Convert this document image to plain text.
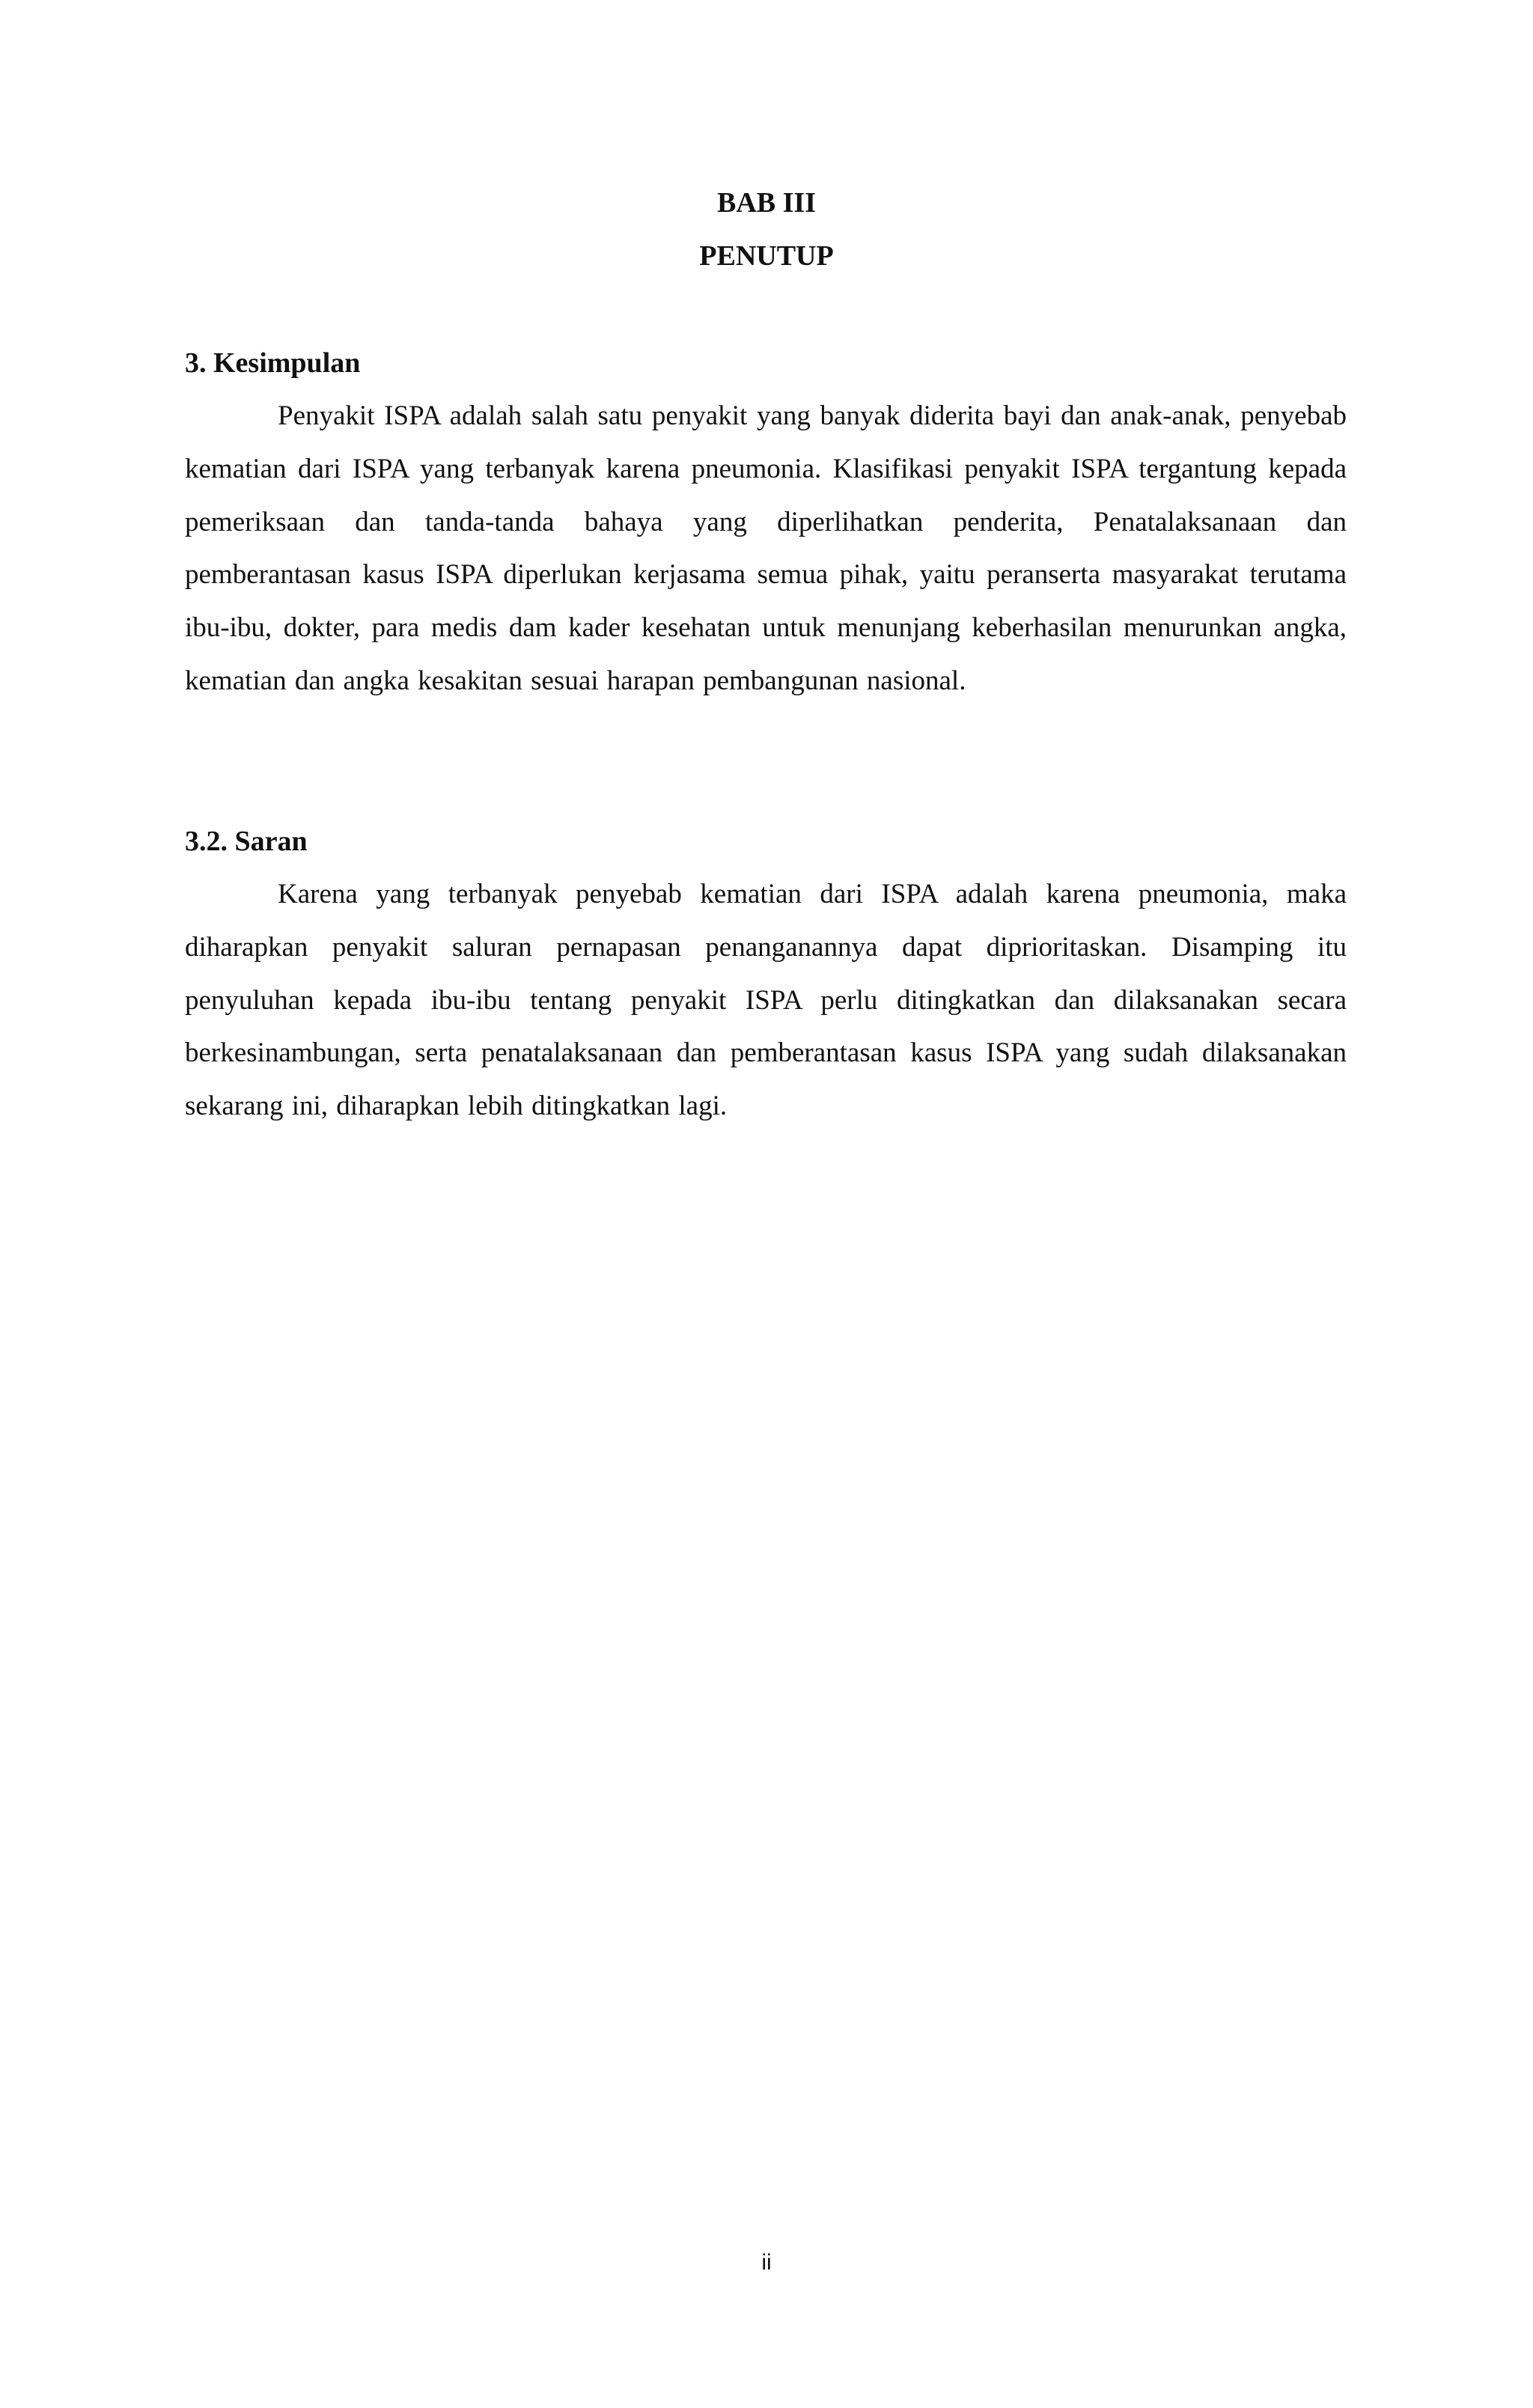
BAB III
PENUTUP
3. Kesimpulan

Penyakit ISPA adalah salah satu penyakit yang banyak diderita bayi dan anak-anak, penyebab kematian dari ISPA yang terbanyak karena pneumonia. Klasifikasi penyakit ISPA tergantung kepada pemeriksaan dan tanda-tanda bahaya yang diperlihatkan penderita, Penatalaksanaan dan pemberantasan kasus ISPA diperlukan kerjasama semua pihak, yaitu peranserta masyarakat terutama ibu-ibu, dokter, para medis dam kader kesehatan untuk menunjang keberhasilan menurunkan angka, kematian dan angka kesakitan sesuai harapan pembangunan nasional.

3.2. Saran

Karena yang terbanyak penyebab kematian dari ISPA adalah karena pneumonia, maka diharapkan penyakit saluran pernapasan penanganannya dapat diprioritaskan. Disamping itu penyuluhan kepada ibu-ibu tentang penyakit ISPA perlu ditingkatkan dan dilaksanakan secara berkesinambungan, serta penatalaksanaan dan pemberantasan kasus ISPA yang sudah dilaksanakan sekarang ini, diharapkan lebih ditingkatkan lagi.

ii
